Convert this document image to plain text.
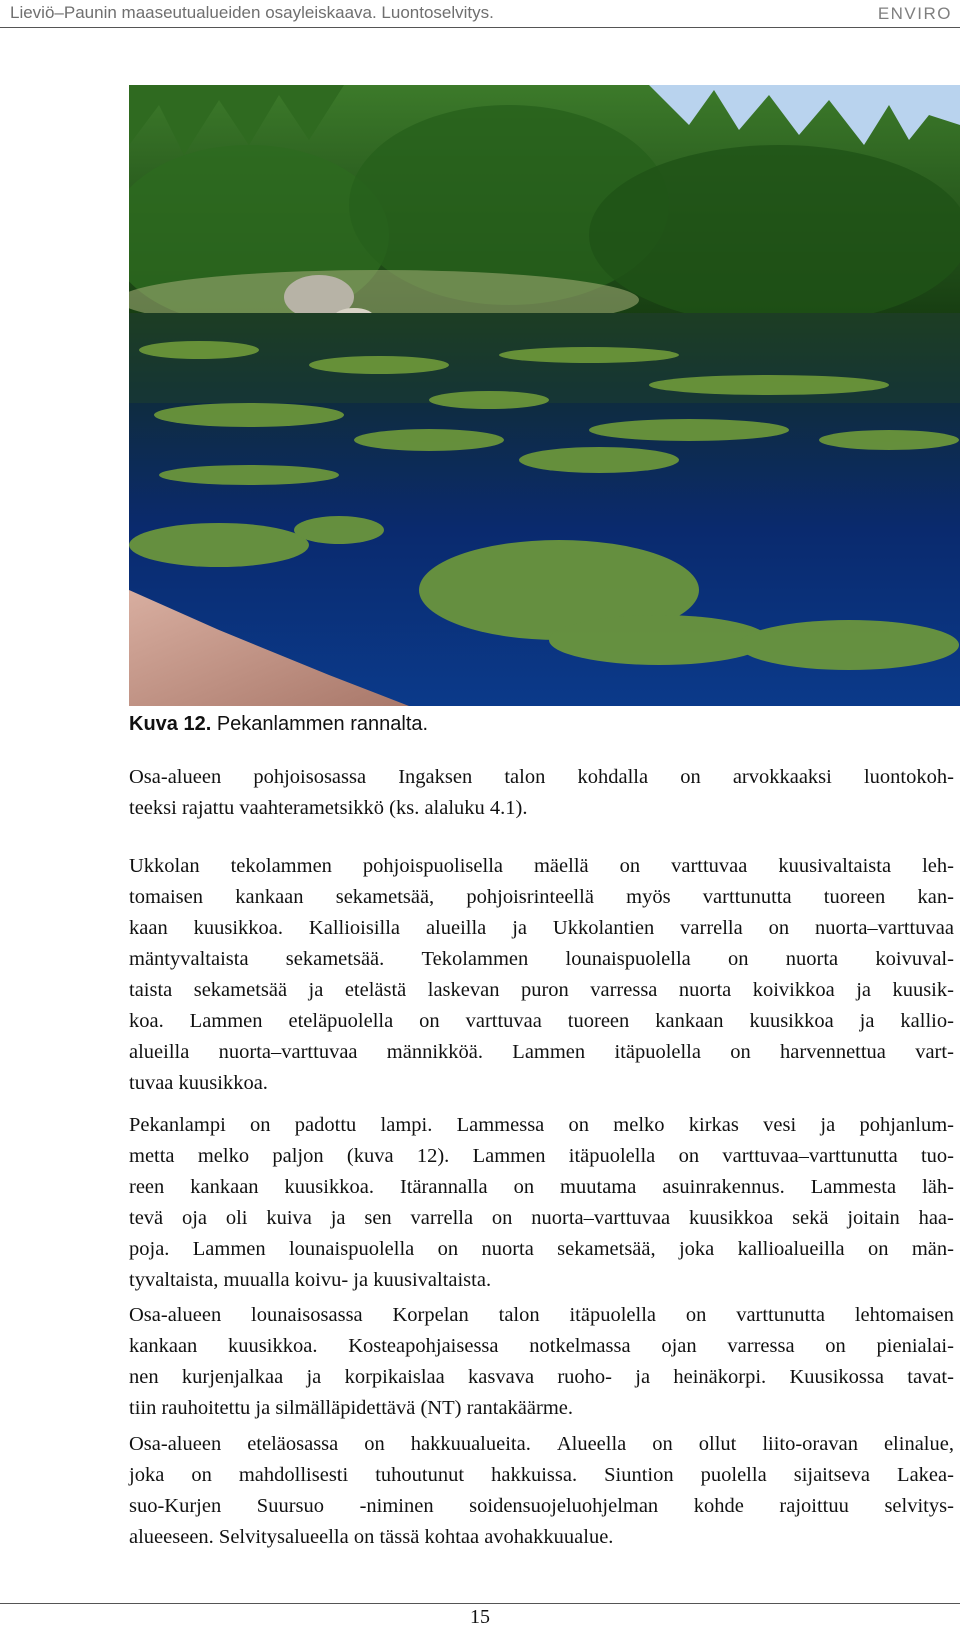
Lieviö–Paunin maaseutualueiden osayleiskaava. Luontoselvitys.	ENVIRO
Kuva 12. Pekanlammen rannalta.
Osa-alueen pohjoisosassa Ingaksen talon kohdalla on arvokkaaksi luontokoh-
teeksi rajattu vaahterametsikkö (ks. alaluku 4.1).
Ukkolan tekolammen pohjoispuolisella mäellä on varttuvaa kuusivaltaista leh-
tomaisen kankaan sekametsää, pohjoisrinteellä myös varttunutta tuoreen kan-
kaan kuusikkoa. Kallioisilla alueilla ja Ukkolantien varrella on nuorta–varttuvaa
mäntyvaltaista sekametsää. Tekolammen lounaispuolella on nuorta koivuval-
taista sekametsää ja etelästä laskevan puron varressa nuorta koivikkoa ja kuusik-
koa. Lammen eteläpuolella on varttuvaa tuoreen kankaan kuusikkoa ja kallio-
alueilla nuorta–varttuvaa männikköä. Lammen itäpuolella on harvennettua vart-
tuvaa kuusikkoa.
Pekanlampi on padottu lampi. Lammessa on melko kirkas vesi ja pohjanlum-
metta melko paljon (kuva 12). Lammen itäpuolella on varttuvaa–varttunutta tuo-
reen kankaan kuusikkoa. Itärannalla on muutama asuinrakennus. Lammesta läh-
tevä oja oli kuiva ja sen varrella on nuorta–varttuvaa kuusikkoa sekä joitain haa-
poja. Lammen lounaispuolella on nuorta sekametsää, joka kallioalueilla on män-
tyvaltaista, muualla koivu- ja kuusivaltaista.
Osa-alueen lounaisosassa Korpelan talon itäpuolella on varttunutta lehtomaisen
kankaan kuusikkoa. Kosteapohjaisessa notkelmassa ojan varressa on pienialai-
nen kurjenjalkaa ja korpikaislaa kasvava ruoho- ja heinäkorpi. Kuusikossa tavat-
tiin rauhoitettu ja silmälläpidettävä (NT) rantakäärme.
Osa-alueen eteläosassa on hakkuualueita. Alueella on ollut liito-oravan elinalue,
joka on mahdollisesti tuhoutunut hakkuissa. Siuntion puolella sijaitseva Lakea-
suo-Kurjen Suursuo -niminen soidensuojeluohjelman kohde rajoittuu selvitys-
alueeseen. Selvitysalueella on tässä kohtaa avohakkuualue.
15
